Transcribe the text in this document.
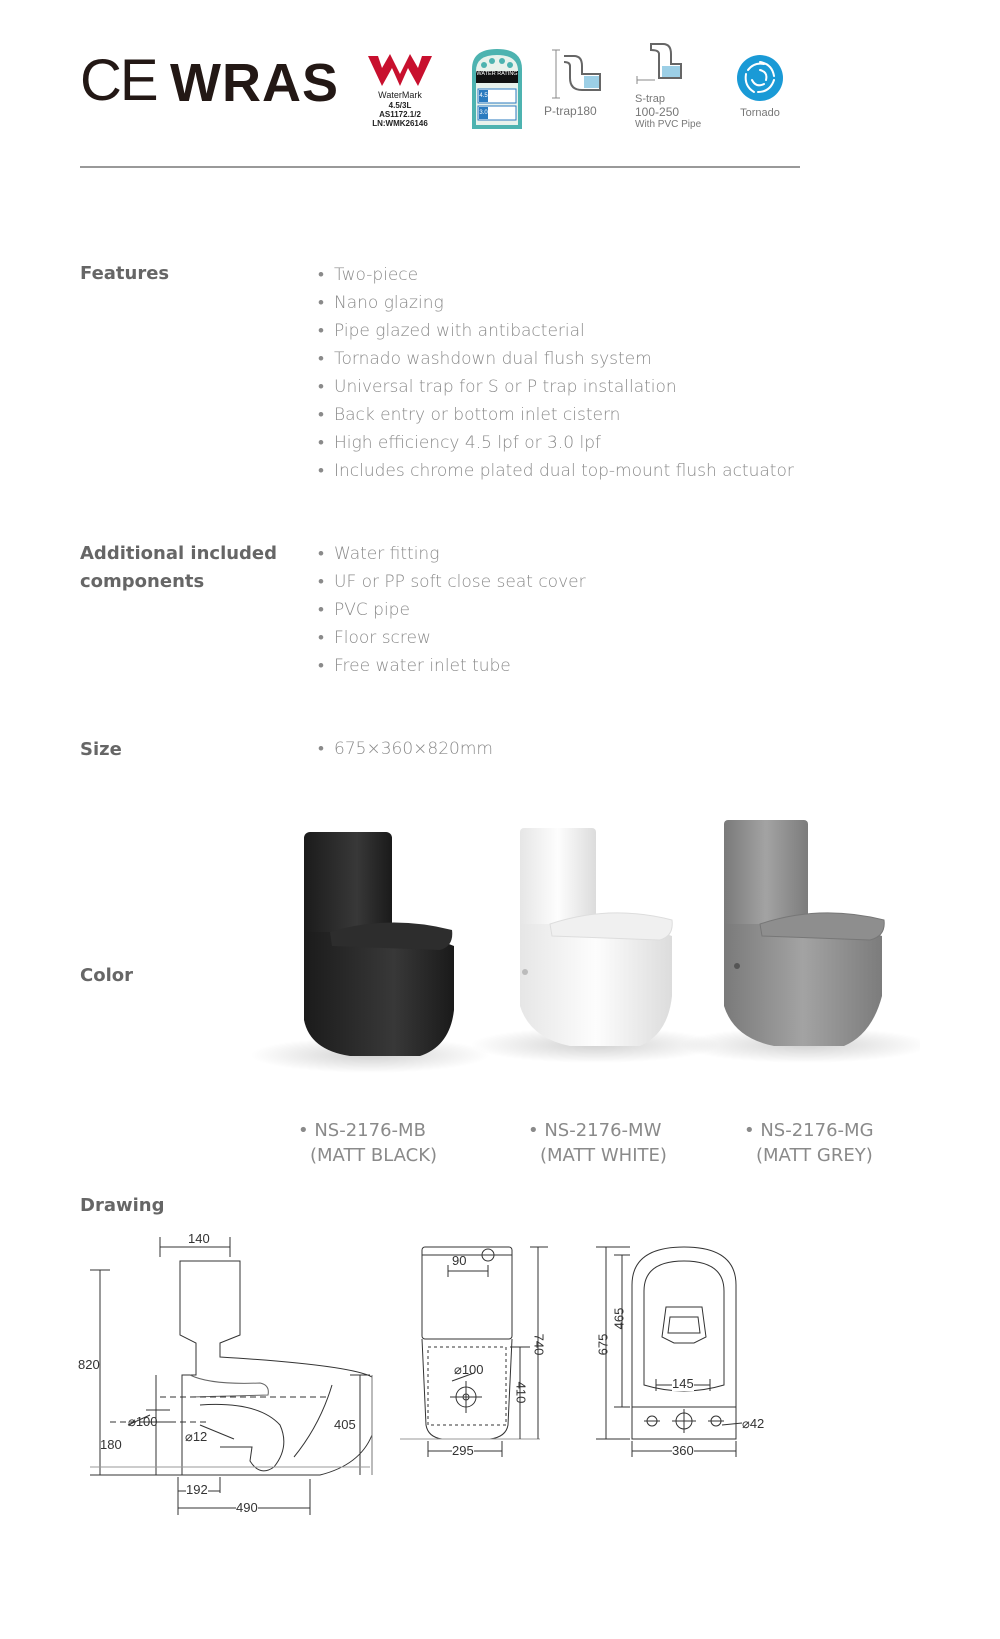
CE WRAS	WaterMark
4.5/3L
AS1172.1/2
LN:WMK26146
WATER RATING
4.5
3.0	P-trap180
S-trap
100-250
With PVC Pipe
Tornado
Features	• Two-piece
• Nano glazing
• Pipe glazed with antibacterial
• Tornado washdown dual flush system
• Universal trap for S or P trap installation
• Back entry or bottom inlet cistern
• High efficiency 4.5 lpf or 3.0 lpf
• Includes chrome plated dual top-mount flush actuator
Additional included
components
• Water fitting
• UF or PP soft close seat cover
• PVC pipe
• Floor screw
• Free water inlet tube
Size	• 675×360×820mm
Color
• NS-2176-MB
(MATT BLACK)
• NS-2176-MW
(MATT WHITE)
• NS-2176-MG
(MATT GREY)
Drawing
140
820
⌀100
180
⌀12
405
192
490
90
⌀100
740
410
295
675
465
145
⌀42
360
